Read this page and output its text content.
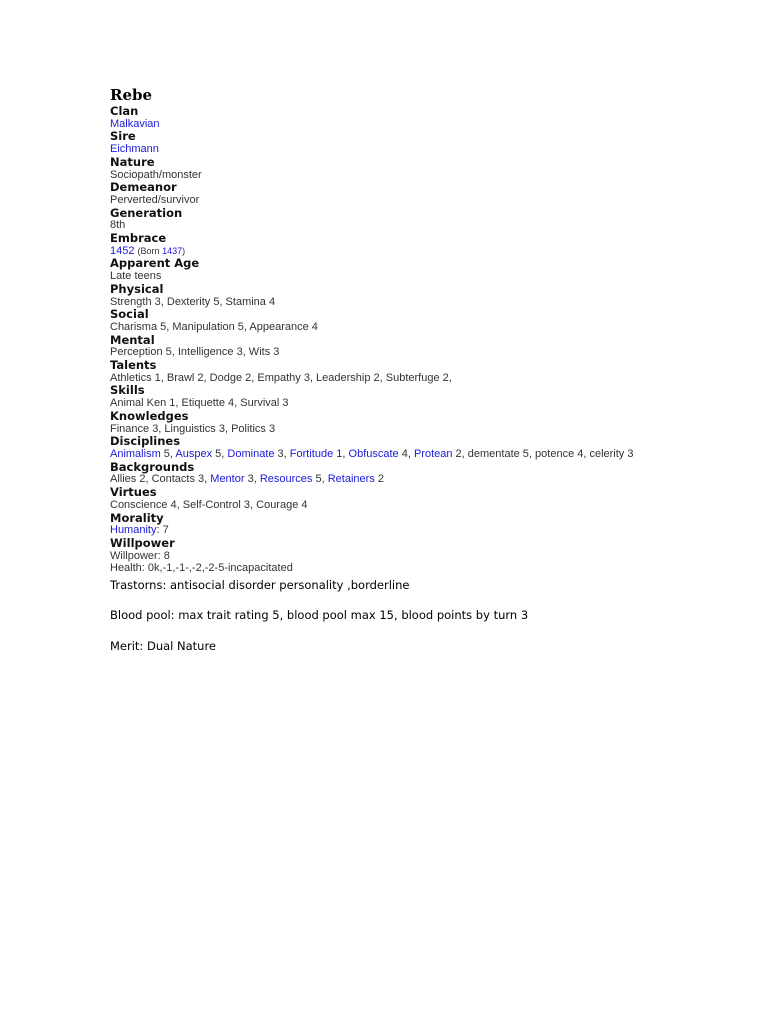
Rebe
Clan
Malkavian
Sire
Eichmann
Nature
Sociopath/monster
Demeanor
Perverted/survivor
Generation
8th
Embrace
1452 (Born 1437)
Apparent Age
Late teens
Physical
Strength 3, Dexterity 5, Stamina 4
Social
Charisma 5, Manipulation 5, Appearance 4
Mental
Perception 5, Intelligence 3, Wits 3
Talents
Athletics 1, Brawl 2, Dodge 2, Empathy 3, Leadership 2, Subterfuge 2,
Skills
Animal Ken 1, Etiquette 4, Survival 3
Knowledges
Finance 3, Linguistics 3, Politics 3
Disciplines
Animalism 5, Auspex 5, Dominate 3, Fortitude 1, Obfuscate 4, Protean 2, dementate 5, potence 4, celerity 3
Backgrounds
Allies 2, Contacts 3, Mentor 3, Resources 5, Retainers 2
Virtues
Conscience 4, Self-Control 3, Courage 4
Morality
Humanity: 7
Willpower
Willpower: 8
Health: 0k,-1,-1-,-2,-2-5-incapacitated
Trastorns: antisocial disorder personality ,borderline
Blood pool: max trait rating 5, blood pool max 15, blood points by turn 3
Merit: Dual Nature
